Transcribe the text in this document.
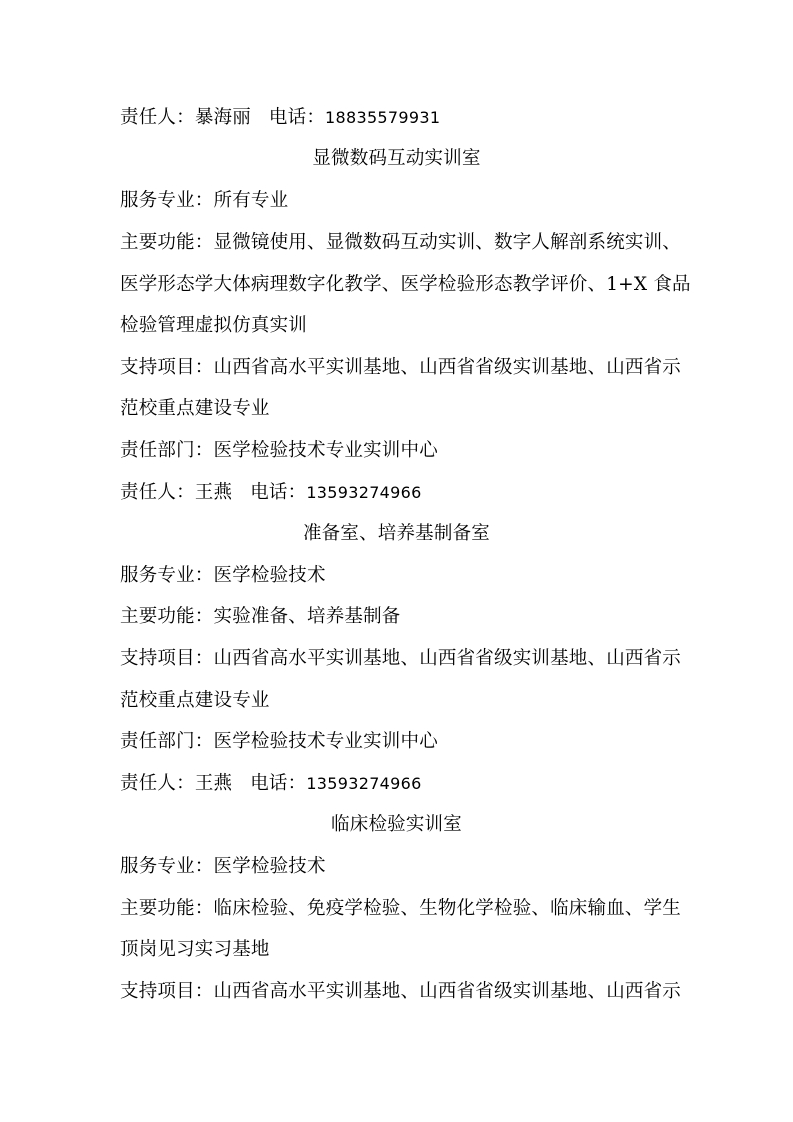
责任人：暴海丽 电话：18835579931
显微数码互动实训室
服务专业：所有专业
主要功能：显微镜使用、显微数码互动实训、数字人解剖系统实训、
医学形态学大体病理数字化教学、医学检验形态教学评价、1+X 食品
检验管理虚拟仿真实训
支持项目：山西省高水平实训基地、山西省省级实训基地、山西省示
范校重点建设专业
责任部门：医学检验技术专业实训中心
责任人：王燕 电话：13593274966
准备室、培养基制备室
服务专业：医学检验技术
主要功能：实验准备、培养基制备
支持项目：山西省高水平实训基地、山西省省级实训基地、山西省示
范校重点建设专业
责任部门：医学检验技术专业实训中心
责任人：王燕 电话：13593274966
临床检验实训室
服务专业：医学检验技术
主要功能：临床检验、免疫学检验、生物化学检验、临床输血、学生
顶岗见习实习基地
支持项目：山西省高水平实训基地、山西省省级实训基地、山西省示
